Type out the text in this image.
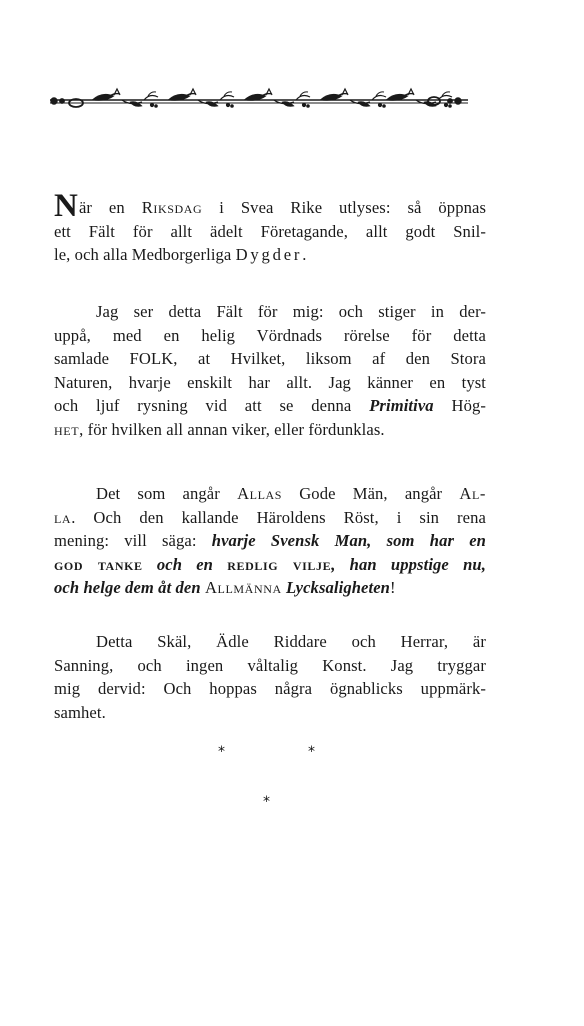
När en Riksdag i Svea Rike utlyses: så öppnas
ett Fält för allt ädelt Företagande, allt godt Snil-
le, och alla Medborgerliga Dygder.
Jag ser detta Fält för mig: och stiger in der-
uppå, med en helig Vördnads rörelse för detta
samlade FOLK, at Hvilket, liksom af den Stora
Naturen, hvarje enskilt har allt. Jag känner en tyst
och ljuf rysning vid att se denna Primitiva Hög-
het, för hvilken all annan viker, eller fördunklas.
Det som angår Allas Gode Män, angår Al-
la. Och den kallande Häroldens Röst, i sin rena
mening: vill säga: hvarje Svensk Man, som har en
god tanke och en redlig vilje, han uppstige nu,
och helge dem åt den Allmänna Lycksaligheten!
Detta Skäl, Ädle Riddare och Herrar, är
Sanning, och ingen våltalig Konst. Jag tryggar
mig dervid: Och hoppas några ögnablicks uppmärk-
samhet.
*	*
*
